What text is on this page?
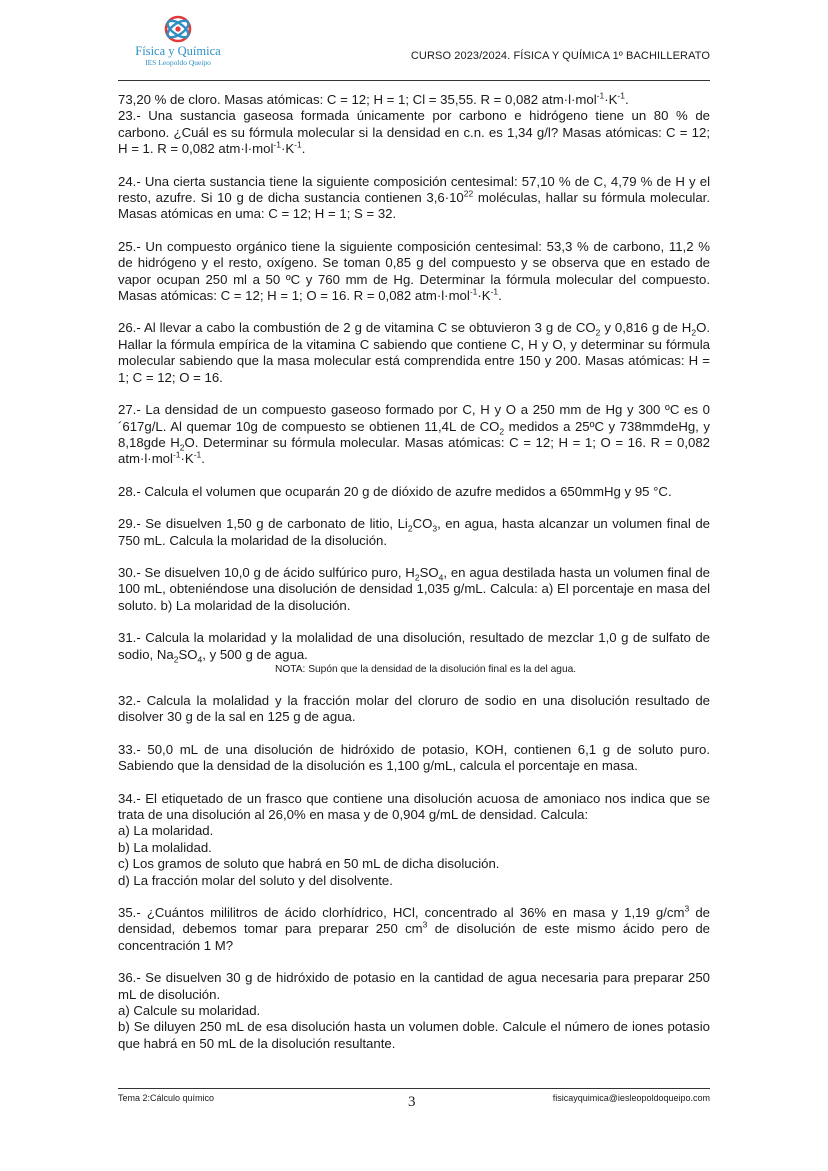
Física y Química
IES Leopoldo Queipo
CURSO 2023/2024. FÍSICA Y QUÍMICA 1º BACHILLERATO

73,20 % de cloro. Masas atómicas: C = 12; H = 1; Cl = 35,55. R = 0,082 $atm\cdot l\cdot mol^{-1}\cdot K^{-1}$.

23.- Una sustancia gaseosa formada únicamente por carbono e hidrógeno tiene un 80 % de carbono. ¿Cuál es su fórmula molecular si la densidad en c.n. es 1,34 g/l? Masas atómicas: C = 12; H = 1. R = 0,082 $atm\cdot l\cdot mol^{-1}\cdot K^{-1}$.

24.- Una cierta sustancia tiene la siguiente composición centesimal: 57,10 % de C, 4,79 % de H y el resto, azufre. Si 10 g de dicha sustancia contienen $3,6\cdot 10^{22}$ moléculas, hallar su fórmula molecular. Masas atómicas en uma: C = 12; H = 1; S = 32.

25.- Un compuesto orgánico tiene la siguiente composición centesimal: 53,3 % de carbono, 11,2 % de hidrógeno y el resto, oxígeno. Se toman 0,85 g del compuesto y se observa que en estado de vapor ocupan 250 ml a 50 ºC y 760 mm de Hg. Determinar la fórmula molecular del compuesto. Masas atómicas: C = 12; H = 1; O = 16. R = 0,082 $atm\cdot l\cdot mol^{-1}\cdot K^{-1}$.

26.- Al llevar a cabo la combustión de 2 g de vitamina C se obtuvieron 3 g de $CO_2$ y 0,816 g de $H_2O$. Hallar la fórmula empírica de la vitamina C sabiendo que contiene C, H y O, y determinar su fórmula molecular sabiendo que la masa molecular está comprendida entre 150 y 200. Masas atómicas: H = 1; C = 12; O = 16.

27.- La densidad de un compuesto gaseoso formado por C, H y O a 250 mm de Hg y 300 ºC es 0´617g/L. Al quemar 10g de compuesto se obtienen 11,4L de $CO_2$ medidos a 25ºC y 738mmdeHg, y 8,18gde $H_2O$. Determinar su fórmula molecular. Masas atómicas: C = 12; H = 1; O = 16. R = 0,082 $atm\cdot l\cdot mol^{-1}\cdot K^{-1}$.

28.- Calcula el volumen que ocuparán 20 g de dióxido de azufre medidos a 650mmHg y 95 °C.

29.- Se disuelven 1,50 g de carbonato de litio, $Li_2CO_3$, en agua, hasta alcanzar un volumen final de 750 mL. Calcula la molaridad de la disolución.

30.- Se disuelven 10,0 g de ácido sulfúrico puro, $H_2SO_4$, en agua destilada hasta un volumen final de 100 mL, obteniéndose una disolución de densidad 1,035 g/mL. Calcula: a) El porcentaje en masa del soluto. b) La molaridad de la disolución.

31.- Calcula la molaridad y la molalidad de una disolución, resultado de mezclar 1,0 g de sulfato de sodio, $Na_2SO_4$, y 500 g de agua.

NOTA: Supón que la densidad de la disolución final es la del agua.

32.- Calcula la molalidad y la fracción molar del cloruro de sodio en una disolución resultado de disolver 30 g de la sal en 125 g de agua.

33.- 50,0 mL de una disolución de hidróxido de potasio, KOH, contienen 6,1 g de soluto puro. Sabiendo que la densidad de la disolución es 1,100 g/mL, calcula el porcentaje en masa.

34.- El etiquetado de un frasco que contiene una disolución acuosa de amoniaco nos indica que se trata de una disolución al 26,0% en masa y de 0,904 g/mL de densidad. Calcula:

a) La molaridad.

b) La molalidad.

c) Los gramos de soluto que habrá en 50 mL de dicha disolución.

d) La fracción molar del soluto y del disolvente.

35.- ¿Cuántos mililitros de ácido clorhídrico, HCl, concentrado al 36% en masa y 1,19 $g/cm^3$ de densidad, debemos tomar para preparar 250 $cm^3$ de disolución de este mismo ácido pero de concentración 1 M?

36.- Se disuelven 30 g de hidróxido de potasio en la cantidad de agua necesaria para preparar 250 mL de disolución.

a) Calcule su molaridad.

b) Se diluyen 250 mL de esa disolución hasta un volumen doble. Calcule el número de iones potasio que habrá en 50 mL de la disolución resultante.

Tema 2:Cálculo químico	3	fisicayquimica@iesleopoldoqueipo.com
